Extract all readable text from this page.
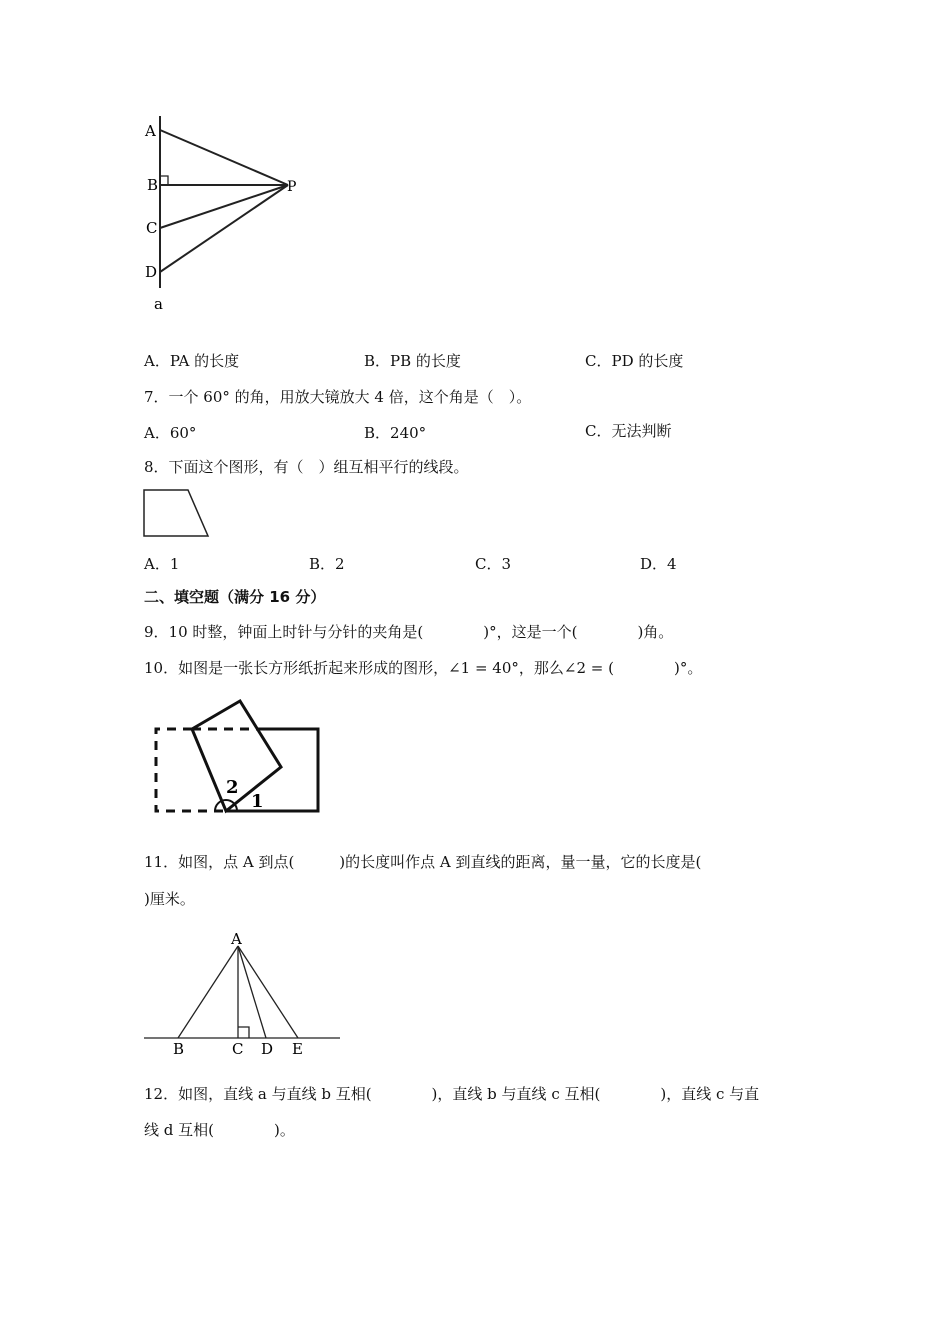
A
B
C
D
P
a
A．PA 的长度	B．PB 的长度	C．PD 的长度
7．一个 60° 的角，用放大镜放大 4 倍，这个角是（　）。
A．60°	B．240°	C．无法判断
8．下面这个图形，有（　）组互相平行的线段。
A．1	B．2	C．3	D．4
二、填空题（满分 16 分）
9．10 时整，钟面上时针与分针的夹角是(　　　　)°，这是一个(　　　　)角。
10．如图是一张长方形纸折起来形成的图形，∠1 = 40°，那么∠2 = (　　　　)°。
2
1
11．如图，点 A 到点(　　　)的长度叫作点 A 到直线的距离，量一量，它的长度是(
)厘米。
A
B	C D E
12．如图，直线 a 与直线 b 互相(　　　　)，直线 b 与直线 c 互相(　　　　)，直线 c 与直
线 d 互相(　　　　)。
